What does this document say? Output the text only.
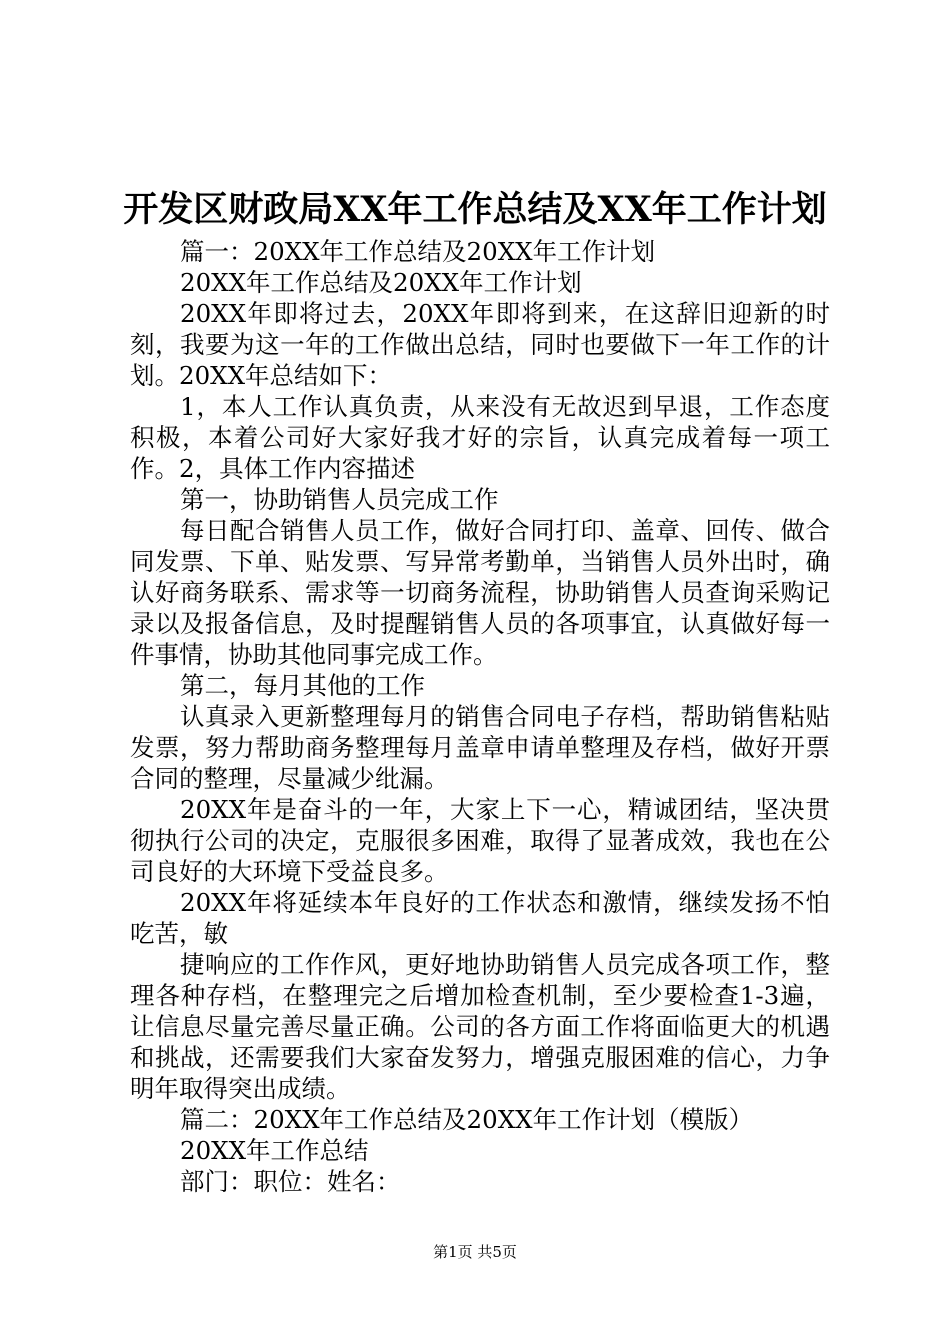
开发区财政局XX年工作总结及XX年工作计划

篇一：20XX年工作总结及20XX年工作计划

20XX年工作总结及20XX年工作计划

20XX年即将过去，20XX年即将到来，在这辞旧迎新的时刻，我要为这一年的工作做出总结，同时也要做下一年工作的计划。20XX年总结如下：

1，本人工作认真负责，从来没有无故迟到早退，工作态度积极，本着公司好大家好我才好的宗旨，认真完成着每一项工作。2，具体工作内容描述

第一，协助销售人员完成工作

每日配合销售人员工作，做好合同打印、盖章、回传、做合同发票、下单、贴发票、写异常考勤单，当销售人员外出时，确认好商务联系、需求等一切商务流程，协助销售人员查询采购记录以及报备信息，及时提醒销售人员的各项事宜，认真做好每一件事情，协助其他同事完成工作。

第二，每月其他的工作

认真录入更新整理每月的销售合同电子存档，帮助销售粘贴发票，努力帮助商务整理每月盖章申请单整理及存档，做好开票合同的整理，尽量减少纰漏。

20XX年是奋斗的一年，大家上下一心，精诚团结，坚决贯彻执行公司的决定，克服很多困难，取得了显著成效，我也在公司良好的大环境下受益良多。

20XX年将延续本年良好的工作状态和激情，继续发扬不怕吃苦，敏

捷响应的工作作风，更好地协助销售人员完成各项工作，整理各种存档，在整理完之后增加检查机制，至少要检查1-3遍，让信息尽量完善尽量正确。公司的各方面工作将面临更大的机遇和挑战，还需要我们大家奋发努力，增强克服困难的信心，力争明年取得突出成绩。

篇二：20XX年工作总结及20XX年工作计划（模版）

20XX年工作总结

部门：职位：姓名：

第1页 共5页
